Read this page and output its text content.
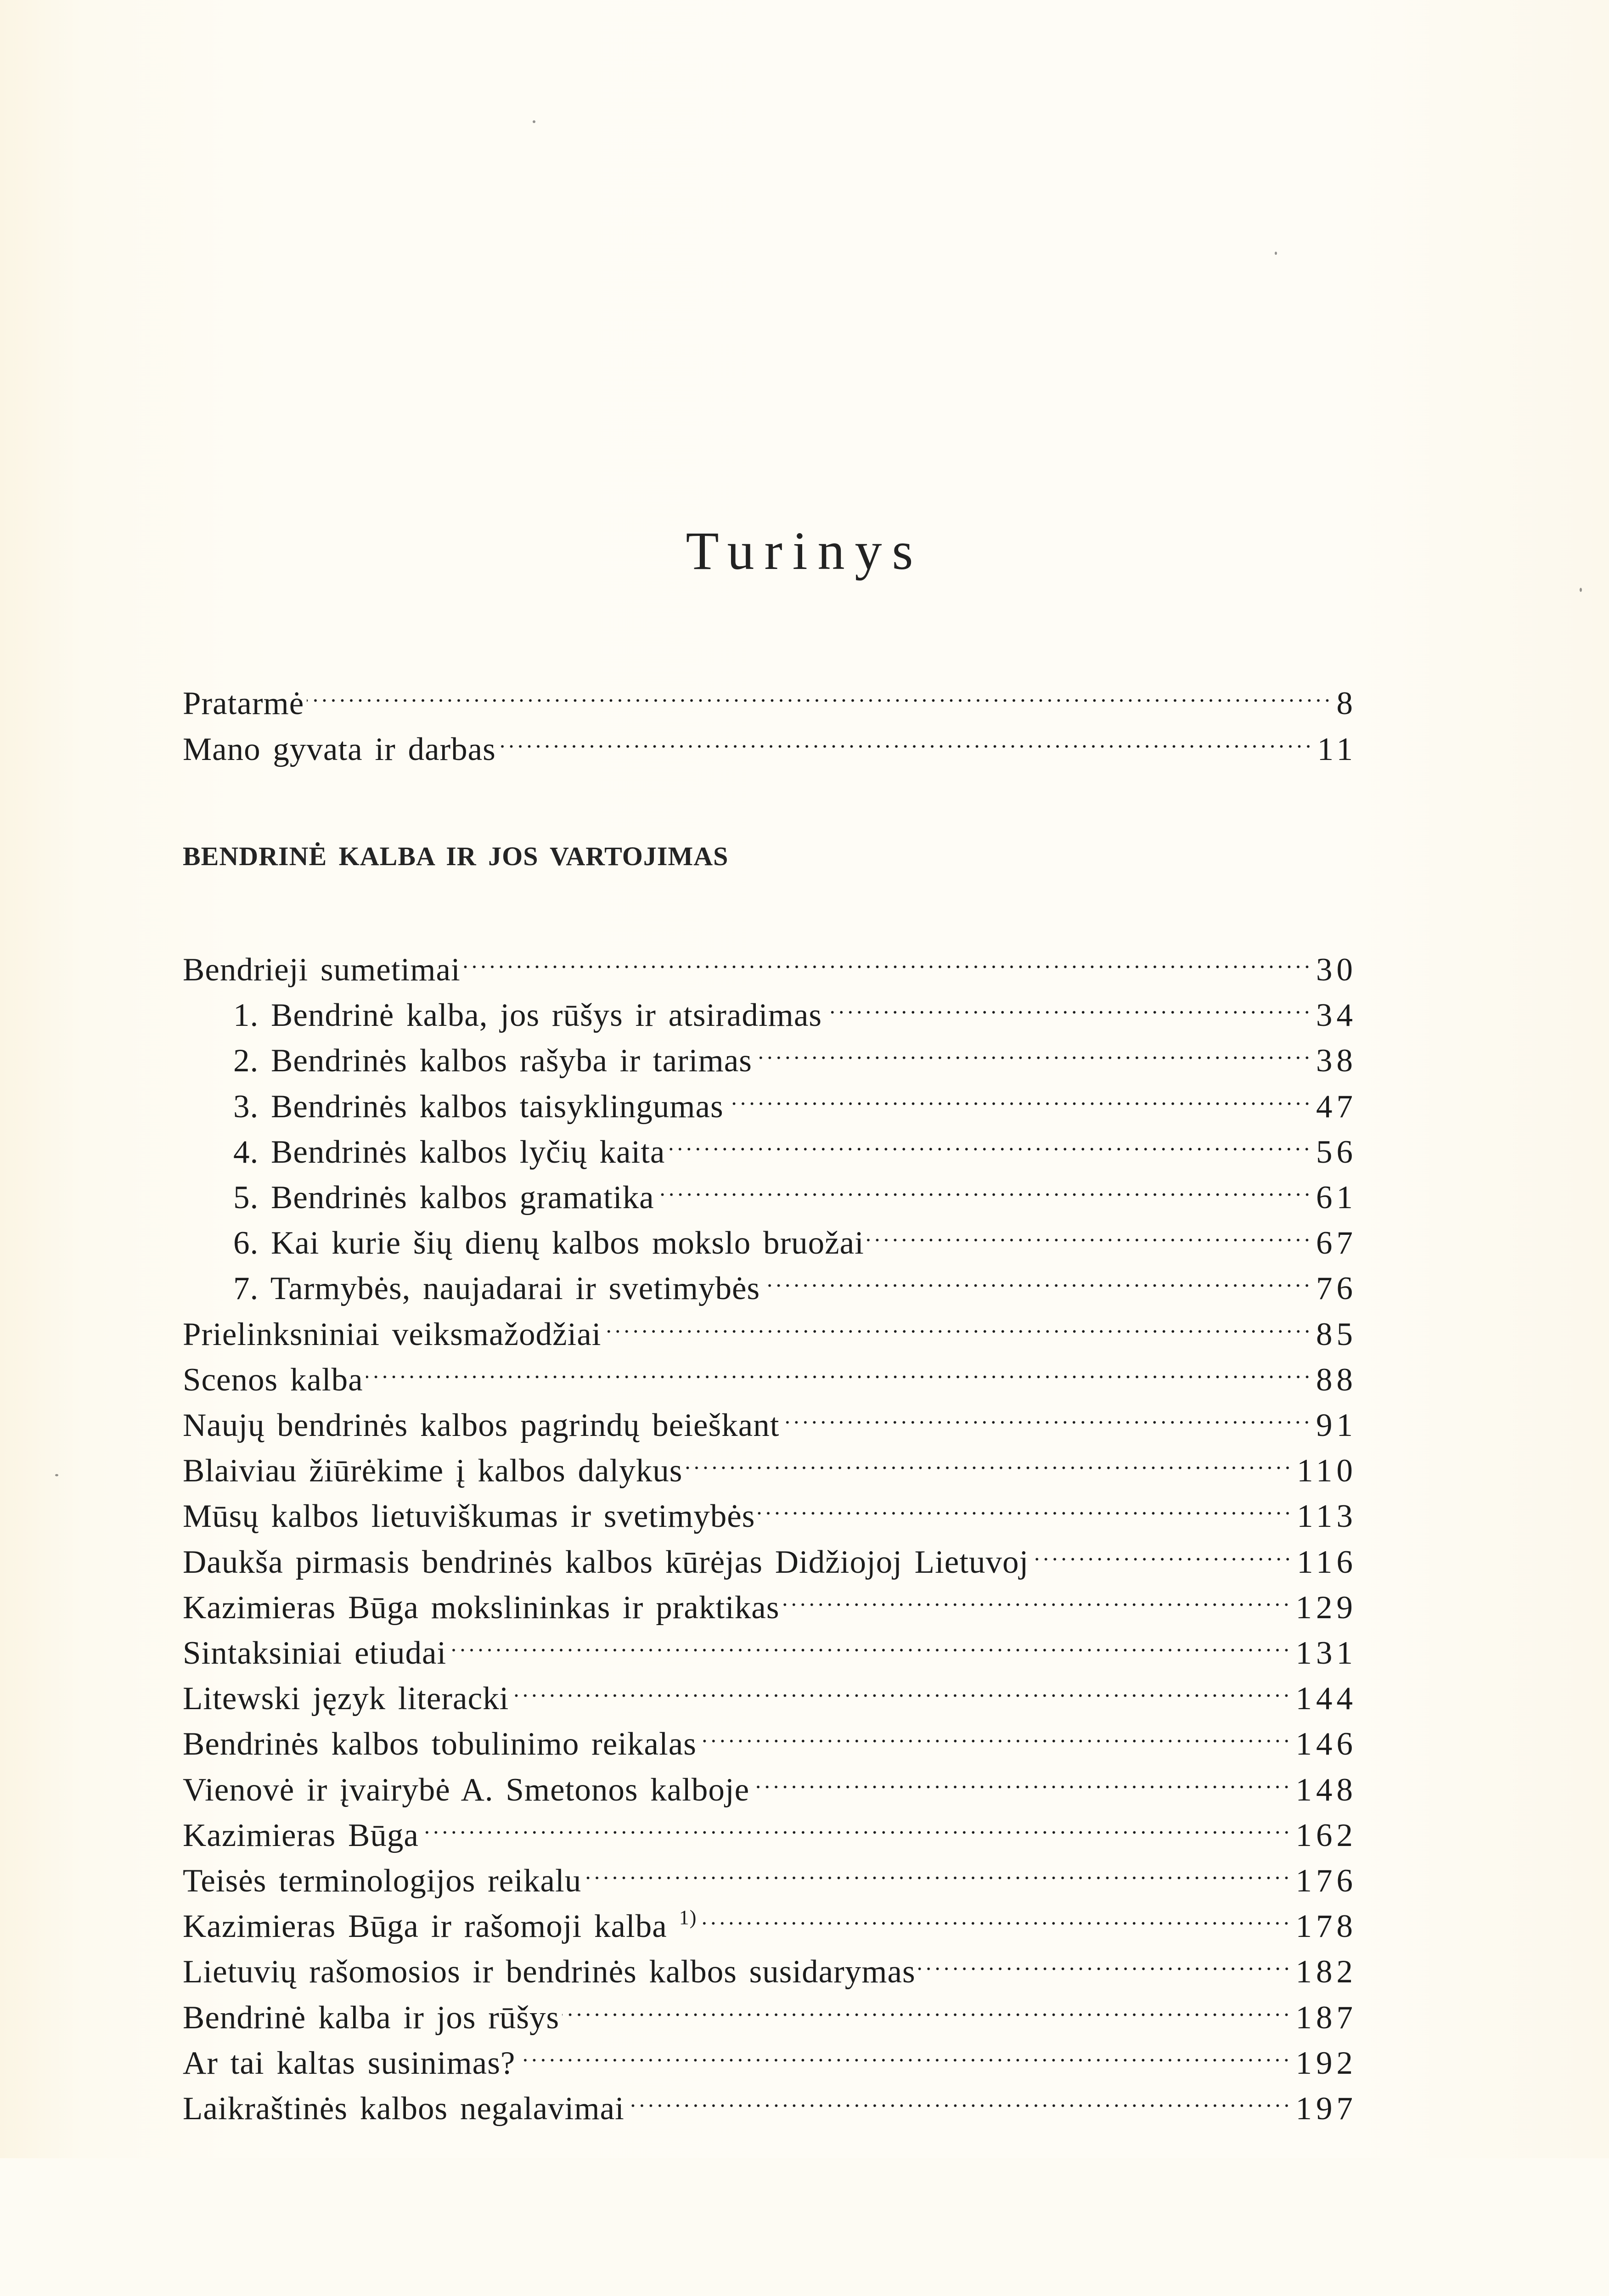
Turinys
Pratarmė	8
Mano gyvata ir darbas	11
Bendrieji sumetimai	30
1. Bendrinė kalba, jos rūšys ir atsiradimas	34
2. Bendrinės kalbos rašyba ir tarimas	38
3. Bendrinės kalbos taisyklingumas	47
4. Bendrinės kalbos lyčių kaita	56
5. Bendrinės kalbos gramatika	61
6. Kai kurie šių dienų kalbos mokslo bruožai	67
7. Tarmybės, naujadarai ir svetimybės	76
Prielinksniniai veiksmažodžiai	85
Scenos kalba	88
Naujų bendrinės kalbos pagrindų beieškant	91
Blaiviau žiūrėkime į kalbos dalykus	110
Mūsų kalbos lietuviškumas ir svetimybės	113
Daukša pirmasis bendrinės kalbos kūrėjas Didžiojoj Lietuvoj	116
Kazimieras Būga mokslininkas ir praktikas	129
Sintaksiniai etiudai	131
Litewski język literacki	144
Bendrinės kalbos tobulinimo reikalas	146
Vienovė ir įvairybė A. Smetonos kalboje	148
Kazimieras Būga	162
Teisės terminologijos reikalu	176
Kazimieras Būga ir rašomoji kalba $^{1)}$	178
Lietuvių rašomosios ir bendrinės kalbos susidarymas	182
Bendrinė kalba ir jos rūšys	187
Ar tai kaltas susinimas?	192
Laikraštinės kalbos negalavimai	197
BENDRINĖ KALBA IR JOS VARTOJIMAS
